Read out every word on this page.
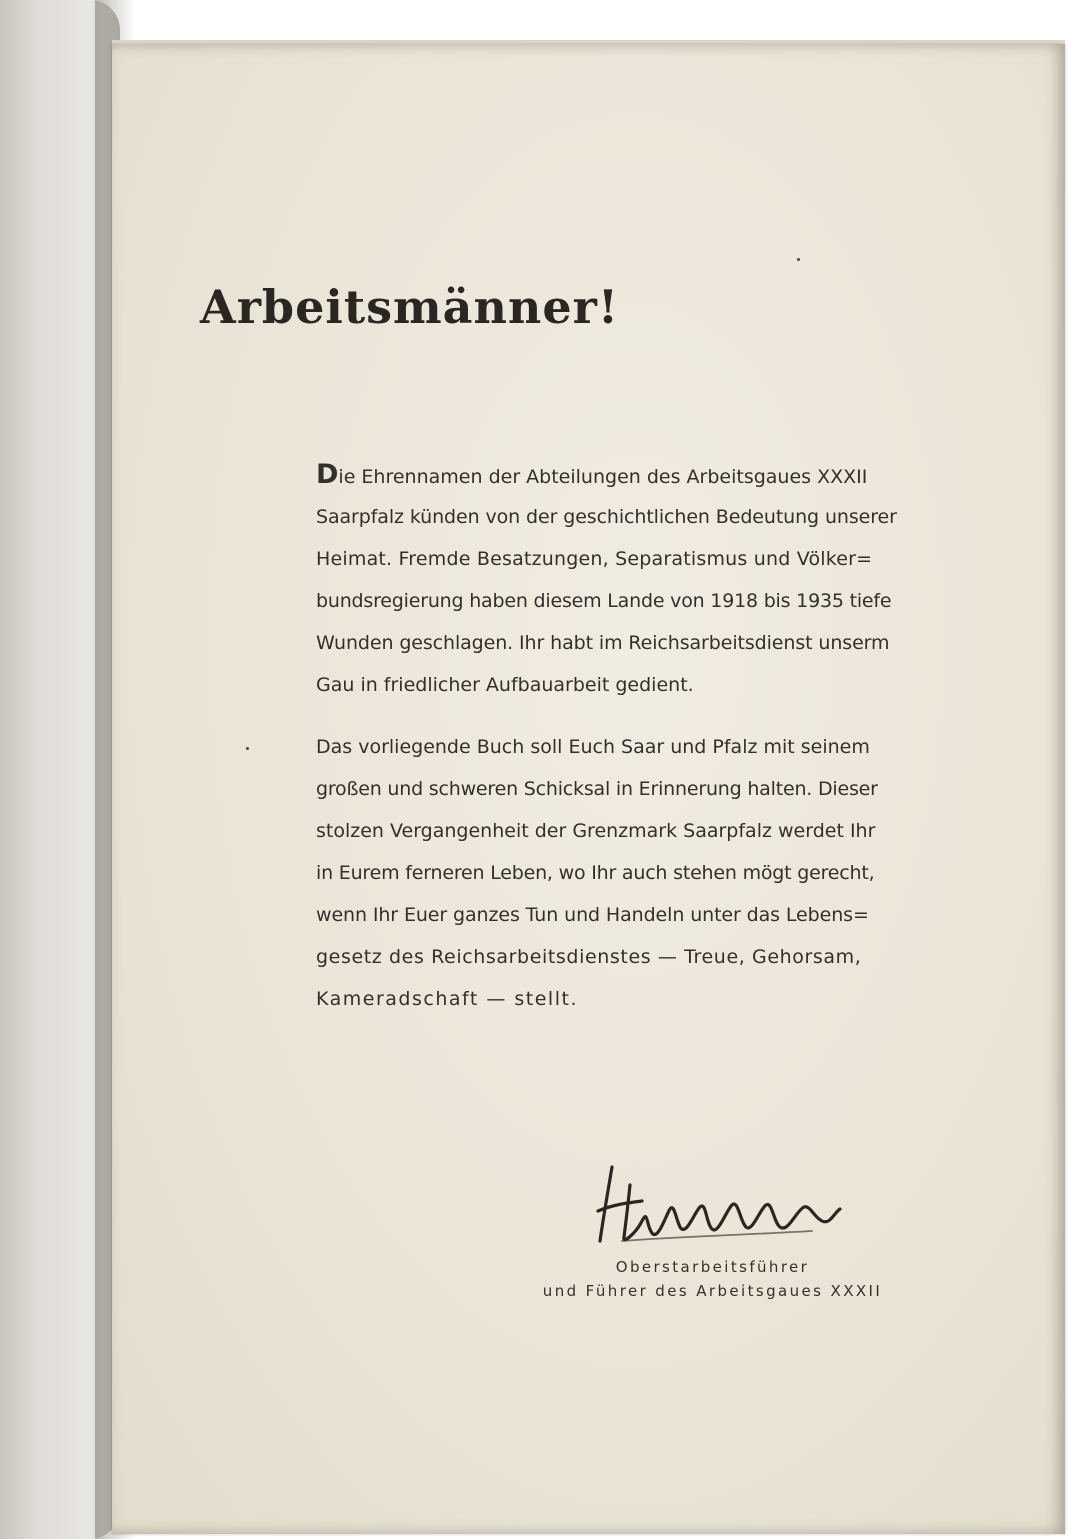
Arbeitsmänner!

Die Ehrennamen der Abteilungen des Arbeitsgaues XXXII
Saarpfalz künden von der geschichtlichen Bedeutung unserer
Heimat. Fremde Besatzungen, Separatismus und Völker=
bundsregierung haben diesem Lande von 1918 bis 1935 tiefe
Wunden geschlagen. Ihr habt im Reichsarbeitsdienst unserm
Gau in friedlicher Aufbauarbeit gedient.

Das vorliegende Buch soll Euch Saar und Pfalz mit seinem
großen und schweren Schicksal in Erinnerung halten. Dieser
stolzen Vergangenheit der Grenzmark Saarpfalz werdet Ihr
in Eurem ferneren Leben, wo Ihr auch stehen mögt gerecht,
wenn Ihr Euer ganzes Tun und Handeln unter das Lebens=
gesetz des Reichsarbeitsdienstes — Treue, Gehorsam,
Kameradschaft — stellt.

Oberstarbeitsführer
und Führer des Arbeitsgaues XXXII
